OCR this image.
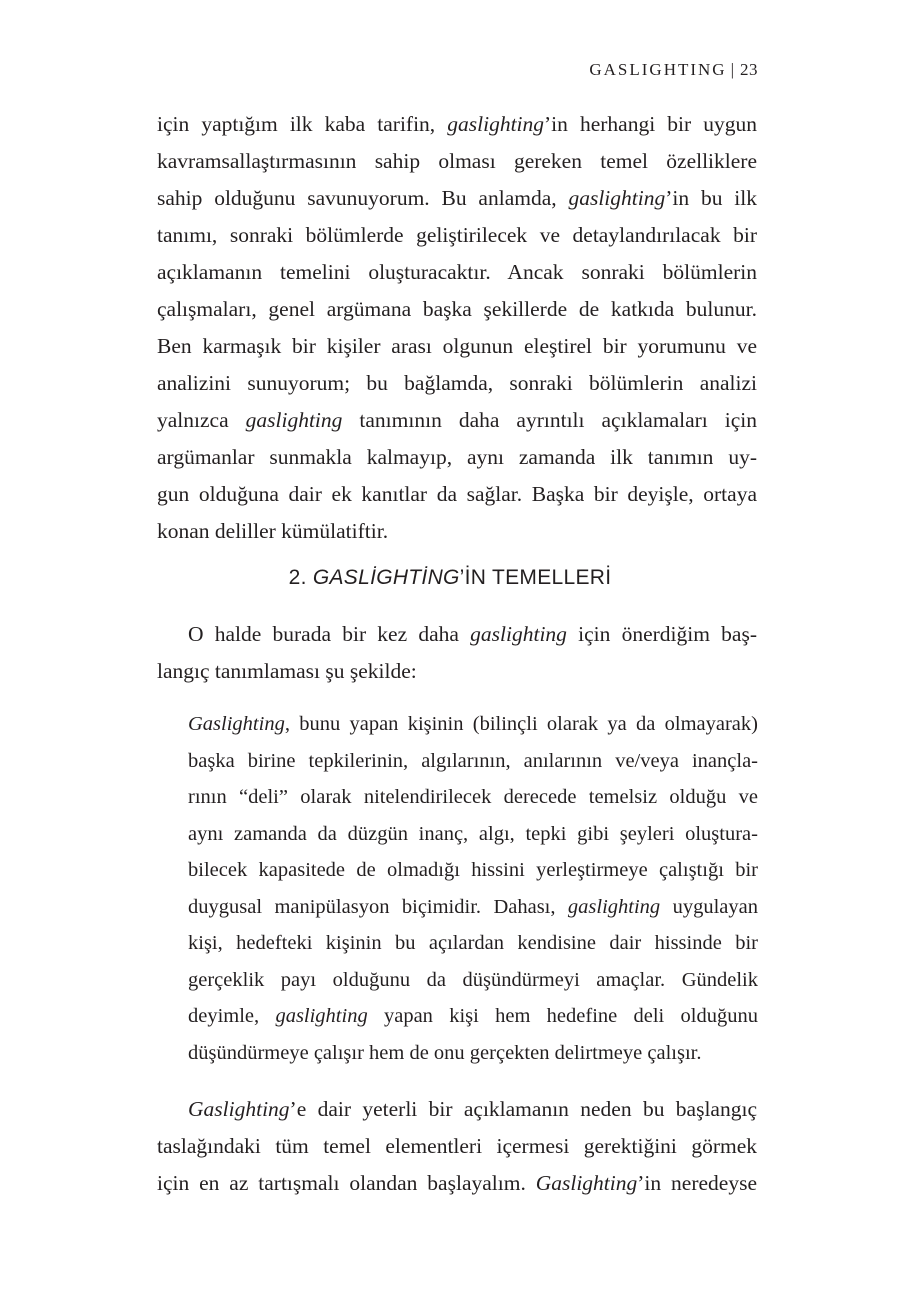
GASLIGHTING | 23
için yaptığım ilk kaba tarifin, gaslighting’in herhangi bir uygun
kavramsallaştırmasının sahip olması gereken temel özelliklere
sahip olduğunu savunuyorum. Bu anlamda, gaslighting’in bu ilk
tanımı, sonraki bölümlerde geliştirilecek ve detaylandırılacak bir
açıklamanın temelini oluşturacaktır. Ancak sonraki bölümlerin
çalışmaları, genel argümana başka şekillerde de katkıda bulunur.
Ben karmaşık bir kişiler arası olgunun eleştirel bir yorumunu ve
analizini sunuyorum; bu bağlamda, sonraki bölümlerin analizi
yalnızca gaslighting tanımının daha ayrıntılı açıklamaları için
argümanlar sunmakla kalmayıp, aynı zamanda ilk tanımın uy-
gun olduğuna dair ek kanıtlar da sağlar. Başka bir deyişle, ortaya
konan deliller kümülatiftir.
2. GASLİGHTİNG’İN TEMELLERİ
O halde burada bir kez daha gaslighting için önerdiğim baş-
langıç tanımlaması şu şekilde:
Gaslighting, bunu yapan kişinin (bilinçli olarak ya da olmayarak)
başka birine tepkilerinin, algılarının, anılarının ve/veya inançla-
rının “deli” olarak nitelendirilecek derecede temelsiz olduğu ve
aynı zamanda da düzgün inanç, algı, tepki gibi şeyleri oluştura-
bilecek kapasitede de olmadığı hissini yerleştirmeye çalıştığı bir
duygusal manipülasyon biçimidir. Dahası, gaslighting uygulayan
kişi, hedefteki kişinin bu açılardan kendisine dair hissinde bir
gerçeklik payı olduğunu da düşündürmeyi amaçlar. Gündelik
deyimle, gaslighting yapan kişi hem hedefine deli olduğunu
düşündürmeye çalışır hem de onu gerçekten delirtmeye çalışır.
Gaslighting’e dair yeterli bir açıklamanın neden bu başlangıç
taslağındaki tüm temel elementleri içermesi gerektiğini görmek
için en az tartışmalı olandan başlayalım. Gaslighting’in neredeyse
